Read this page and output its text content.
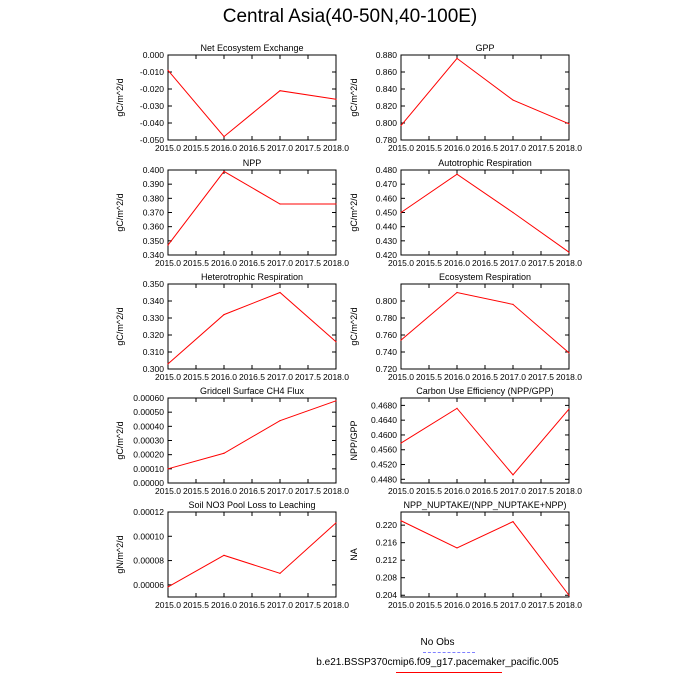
Central Asia(40-50N,40-100E)
2015.0 2015.5 2016.0 2016.5 2017.0 2017.5 2018.0
0.000
-0.010
-0.020
-0.030
-0.040
-0.050
Net Ecosystem Exchange
gC/m^2/d
2015.0 2015.5 2016.0 2016.5 2017.0 2017.5 2018.0
0.880
0.860
0.840
0.820
0.800
0.780
GPP
gC/m^2/d
2015.0 2015.5 2016.0 2016.5 2017.0 2017.5 2018.0
0.400
0.390
0.380
0.370
0.360
0.350
0.340
NPP
gC/m^2/d
2015.0 2015.5 2016.0 2016.5 2017.0 2017.5 2018.0
0.480
0.470
0.460
0.450
0.440
0.430
0.420
Autotrophic Respiration
gC/m^2/d
2015.0 2015.5 2016.0 2016.5 2017.0 2017.5 2018.0
0.350
0.340
0.330
0.320
0.310
0.300
Heterotrophic Respiration
gC/m^2/d
2015.0 2015.5 2016.0 2016.5 2017.0 2017.5 2018.0
0.800
0.780
0.760
0.740
0.720
Ecosystem Respiration
gC/m^2/d
2015.0 2015.5 2016.0 2016.5 2017.0 2017.5 2018.0
0.00060
0.00050
0.00040
0.00030
0.00020
0.00010
0.00000
Gridcell Surface CH4 Flux
gC/m^2/d
2015.0 2015.5 2016.0 2016.5 2017.0 2017.5 2018.0
0.4680
0.4640
0.4600
0.4560
0.4520
0.4480
Carbon Use Efficiency (NPP/GPP)
NPP/GPP
2015.0 2015.5 2016.0 2016.5 2017.0 2017.5 2018.0
0.00012
0.00010
0.00008
0.00006
Soil NO3 Pool Loss to Leaching
gN/m^2/d
2015.0 2015.5 2016.0 2016.5 2017.0 2017.5 2018.0
0.220
0.216
0.212
0.208
0.204
NPP_NUPTAKE/(NPP_NUPTAKE+NPP)
NA
No Obs
b.e21.BSSP370cmip6.f09_g17.pacemaker_pacific.005
